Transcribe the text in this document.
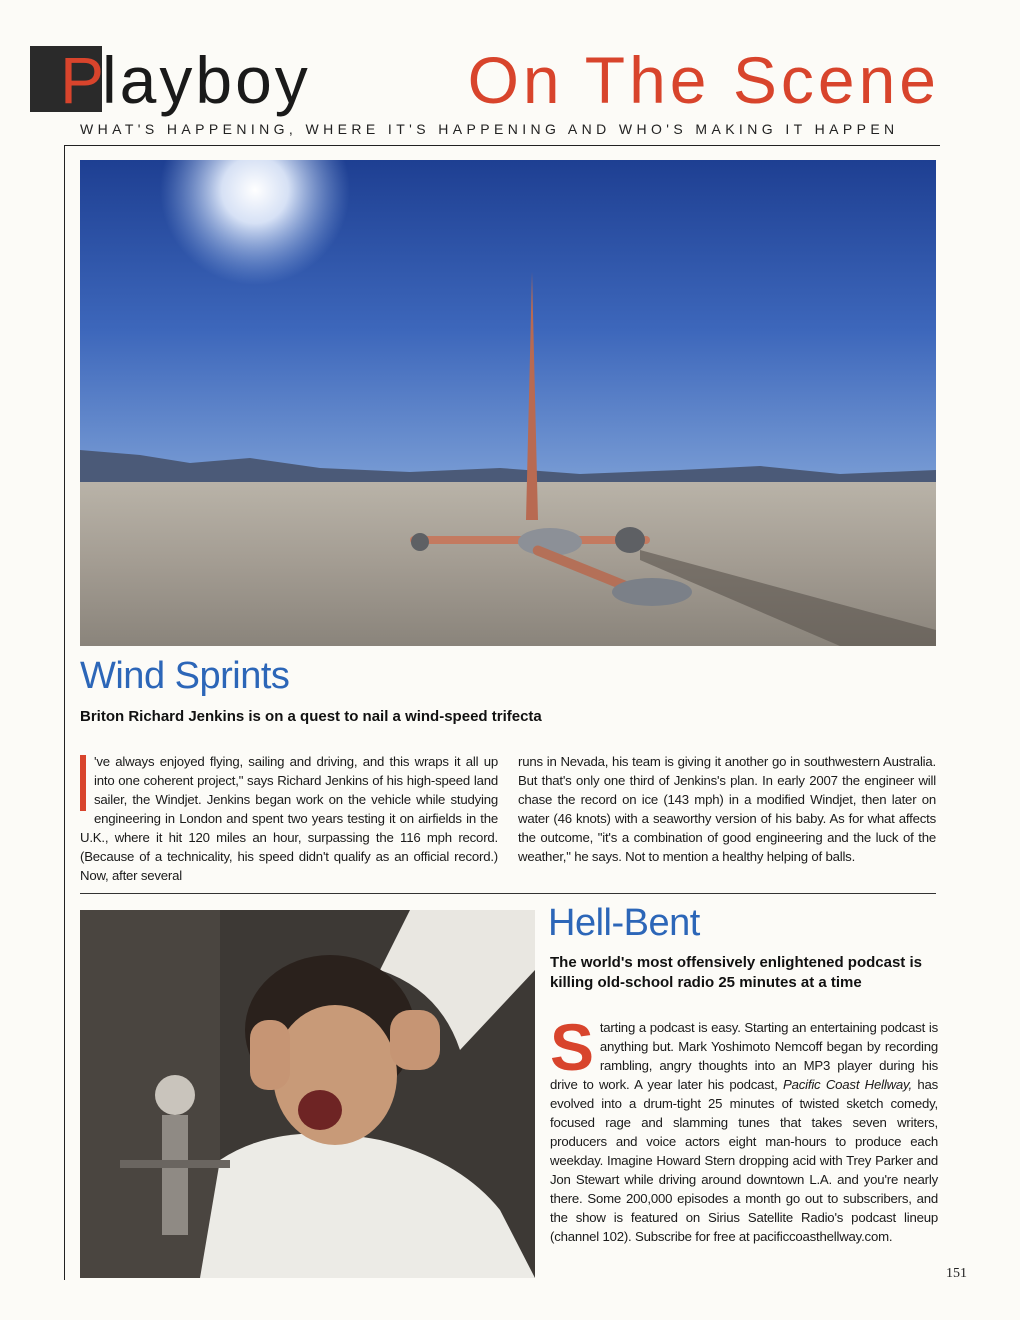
P
layboy On The Scene
WHAT'S HAPPENING, WHERE IT'S HAPPENING AND WHO'S MAKING IT HAPPEN
Wind Sprints
Briton Richard Jenkins is on a quest to nail a wind-speed trifecta
've always enjoyed flying, sailing and driving, and this wraps it all up into one coherent project," says Richard Jenkins of his high-speed land sailer, the Windjet. Jenkins began work on the vehicle while studying engineering in London and spent two years testing it on airfields in the U.K., where it hit 120 miles an hour, surpassing the 116 mph record. (Because of a technicality, his speed didn't qualify as an official record.) Now, after several
runs in Nevada, his team is giving it another go in southwestern Australia. But that's only one third of Jenkins's plan. In early 2007 the engineer will chase the record on ice (143 mph) in a modified Windjet, then later on water (46 knots) with a seaworthy version of his baby. As for what affects the outcome, "it's a combination of good engineering and the luck of the weather," he says. Not to mention a healthy helping of balls.
Hell-Bent
The world's most offensively enlightened podcast is killing old-school radio 25 minutes at a time
S tarting a podcast is easy. Starting an entertaining podcast is anything but. Mark Yoshimoto Nemcoff began by recording rambling, angry thoughts into an MP3 player during his drive to work. A year later his podcast, Pacific Coast Hellway, has evolved into a drum-tight 25 minutes of twisted sketch comedy, focused rage and slamming tunes that takes seven writers, producers and voice actors eight man-hours to produce each weekday. Imagine Howard Stern dropping acid with Trey Parker and Jon Stewart while driving around downtown L.A. and you're nearly there. Some 200,000 episodes a month go out to subscribers, and the show is featured on Sirius Satellite Radio's podcast lineup (channel 102). Subscribe for free at pacificcoasthellway.com.
151
